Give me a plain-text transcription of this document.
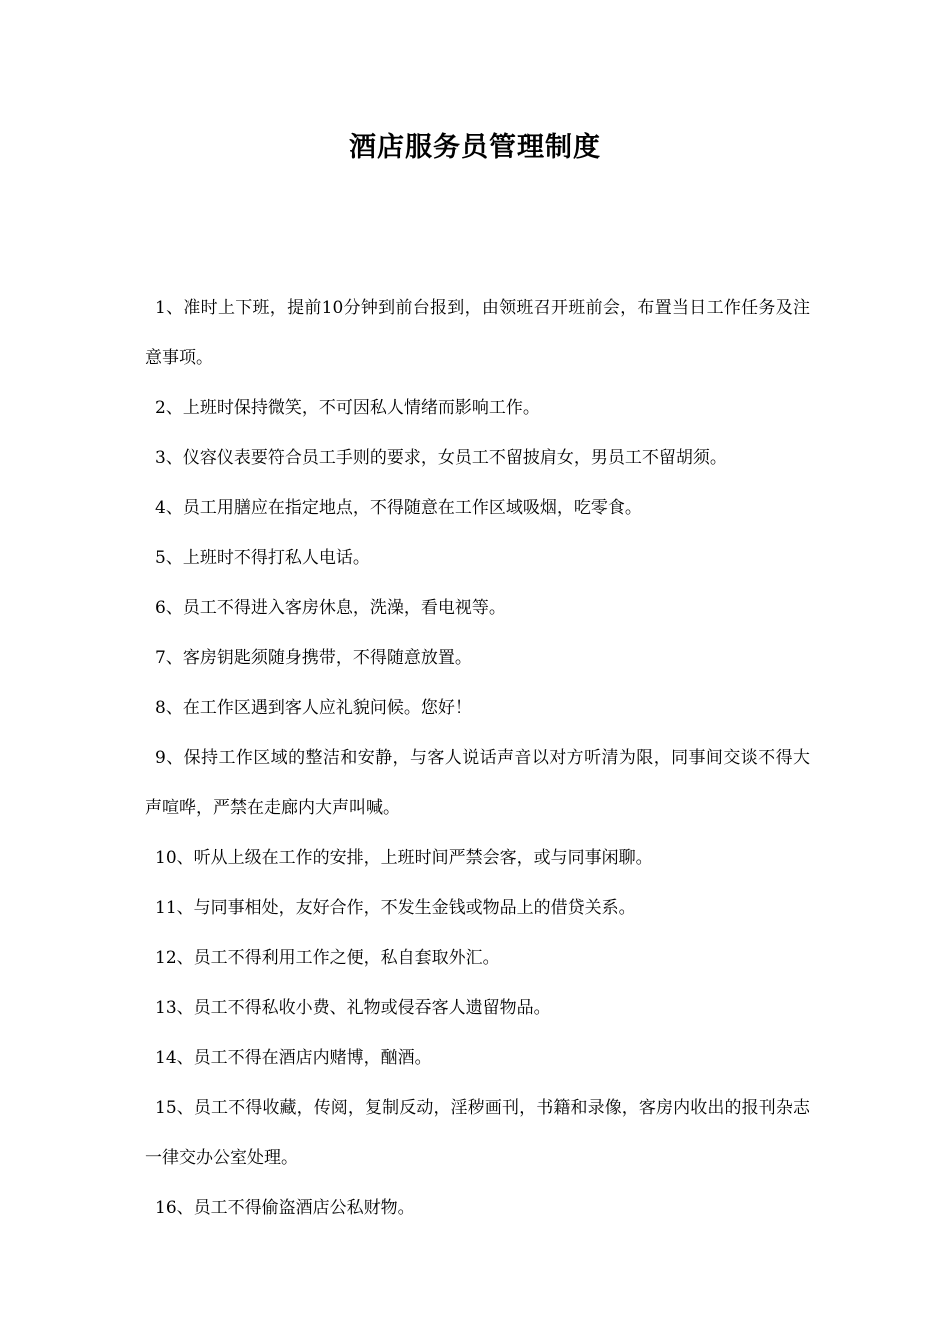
酒店服务员管理制度

1、准时上下班，提前10分钟到前台报到，由领班召开班前会，布置当日工作任务及注意事项。

2、上班时保持微笑，不可因私人情绪而影响工作。

3、仪容仪表要符合员工手则的要求，女员工不留披肩女，男员工不留胡须。

4、员工用膳应在指定地点，不得随意在工作区域吸烟，吃零食。

5、上班时不得打私人电话。

6、员工不得进入客房休息，洗澡，看电视等。

7、客房钥匙须随身携带，不得随意放置。

8、在工作区遇到客人应礼貌问候。您好！

9、保持工作区域的整洁和安静，与客人说话声音以对方听清为限，同事间交谈不得大声喧哗，严禁在走廊内大声叫喊。

10、听从上级在工作的安排，上班时间严禁会客，或与同事闲聊。

11、与同事相处，友好合作，不发生金钱或物品上的借贷关系。

12、员工不得利用工作之便，私自套取外汇。

13、员工不得私收小费、礼物或侵吞客人遗留物品。

14、员工不得在酒店内赌博，酗酒。

15、员工不得收藏，传阅，复制反动，淫秽画刊，书籍和录像，客房内收出的报刊杂志一律交办公室处理。

16、员工不得偷盗酒店公私财物。
